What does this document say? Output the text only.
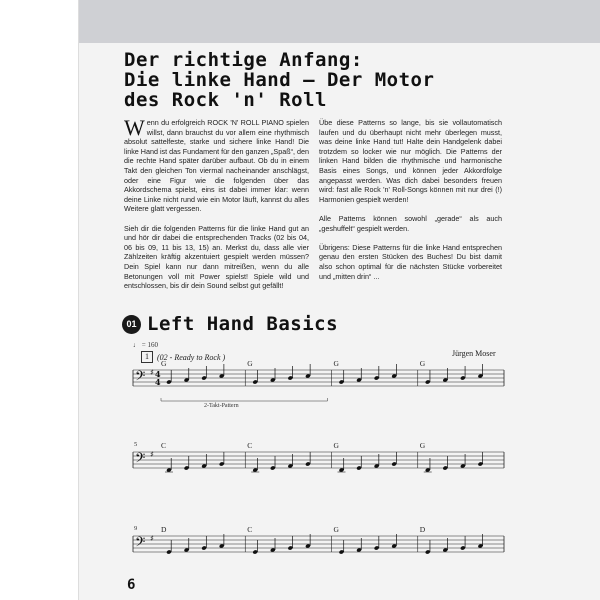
Der richtige Anfang:
Die linke Hand – Der Motor
des Rock 'n' Roll

Wenn du erfolgreich ROCK 'N' ROLL PIANO spielen willst, dann brauchst du vor allem eine rhythmisch absolut sattelfeste, starke und sichere linke Hand! Die linke Hand ist das Fundament für den ganzen „Spaß“, den die rechte Hand später darüber aufbaut. Ob du in einem Takt den gleichen Ton viermal nacheinander anschlägst, oder eine Figur wie die folgenden über das Akkordschema spielst, eins ist dabei immer klar: wenn deine Linke nicht rund wie ein Motor läuft, kannst du alles Weitere glatt vergessen.

Sieh dir die folgenden Patterns für die linke Hand gut an und hör dir dabei die entsprechenden Tracks (02 bis 04, 06 bis 09, 11 bis 13, 15) an. Merkst du, dass alle vier Zählzeiten kräftig akzentuiert gespielt werden müssen? Dein Spiel kann nur dann mitreißen, wenn du alle Betonungen voll mit Power spielst! Spiele wild und entschlossen, bis dir dein Sound selbst gut gefällt!

Übe diese Patterns so lange, bis sie vollautomatisch laufen und du überhaupt nicht mehr überlegen musst, was deine linke Hand tut! Halte dein Handgelenk dabei trotzdem so locker wie nur möglich. Die Patterns der linken Hand bilden die rhythmische und harmonische Basis eines Songs, und können jeder Akkordfolge angepasst werden. Was dich dabei besonders freuen wird: fast alle Rock 'n' Roll-Songs können mit nur drei (!) Harmonien gespielt werden!

Alle Patterns können sowohl „gerade“ als auch „geshuffelt“ gespielt werden.

Übrigens: Diese Patterns für die linke Hand entsprechen genau den ersten Stücken des Buches! Du bist damit also schon optimal für die nächsten Stücke vorbereitet und „mitten drin“ ...

01 Left Hand Basics
♩ = 160
1	(02 - Ready to Rock )	Jürgen Moser
𝄢 ♯ 4
4
𝄢 ♯
𝄢 ♯
2-Takt-Pattern
5
9
G	G	G	G
C	C	G	G
D	C	G	D
6
